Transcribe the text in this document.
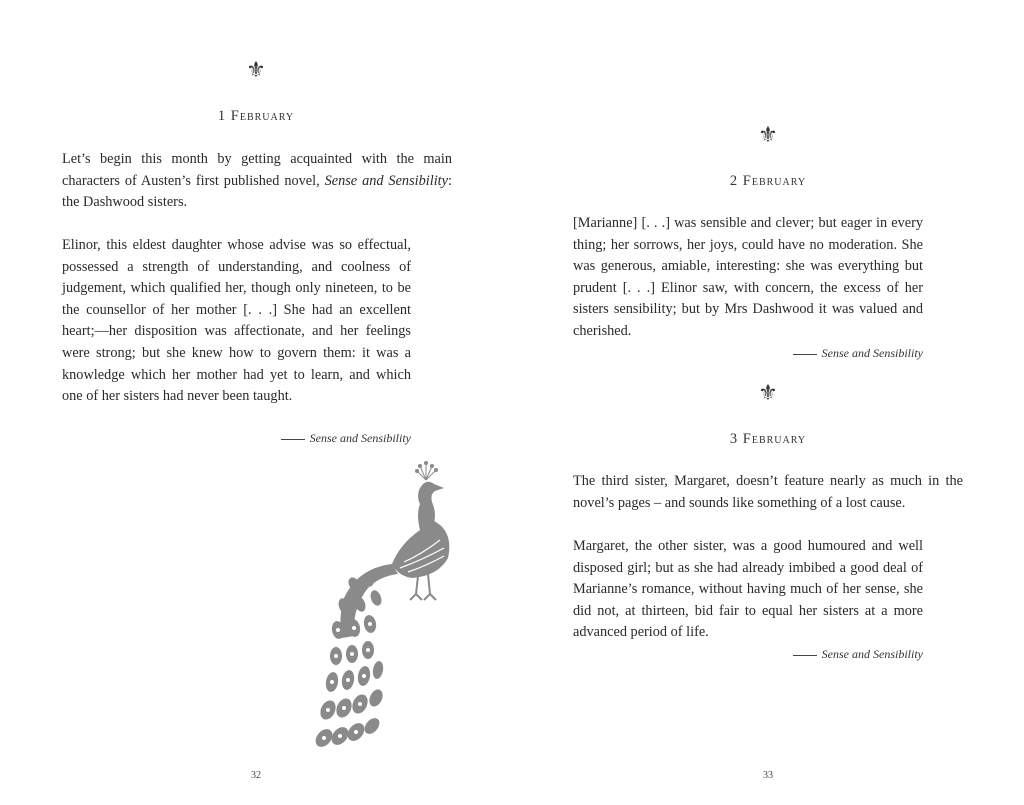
⚜
1 February

Let’s begin this month by getting acquainted with the main characters of Austen’s first published novel, Sense and Sensibility: the Dashwood sisters.

Elinor, this eldest daughter whose advise was so effectual, possessed a strength of understanding, and coolness of judgement, which qualified her, though only nineteen, to be the counsellor of her mother [. . .] She had an excellent heart;—her disposition was affectionate, and her feelings were strong; but she knew how to govern them: it was a knowledge which her mother had yet to learn, and which one of her sisters had never been taught.

Sense and Sensibility
32
⚜
2 February

[Marianne] [. . .] was sensible and clever; but eager in every thing; her sorrows, her joys, could have no moderation. She was generous, amiable, interesting: she was everything but prudent [. . .] Elinor saw, with concern, the excess of her sisters sensibility; but by Mrs Dashwood it was valued and cherished.

Sense and Sensibility
⚜
3 February

The third sister, Margaret, doesn’t feature nearly as much in the novel’s pages – and sounds like something of a lost cause.

Margaret, the other sister, was a good humoured and well disposed girl; but as she had already imbibed a good deal of Marianne’s romance, without having much of her sense, she did not, at thirteen, bid fair to equal her sisters at a more advanced period of life.

Sense and Sensibility
33
